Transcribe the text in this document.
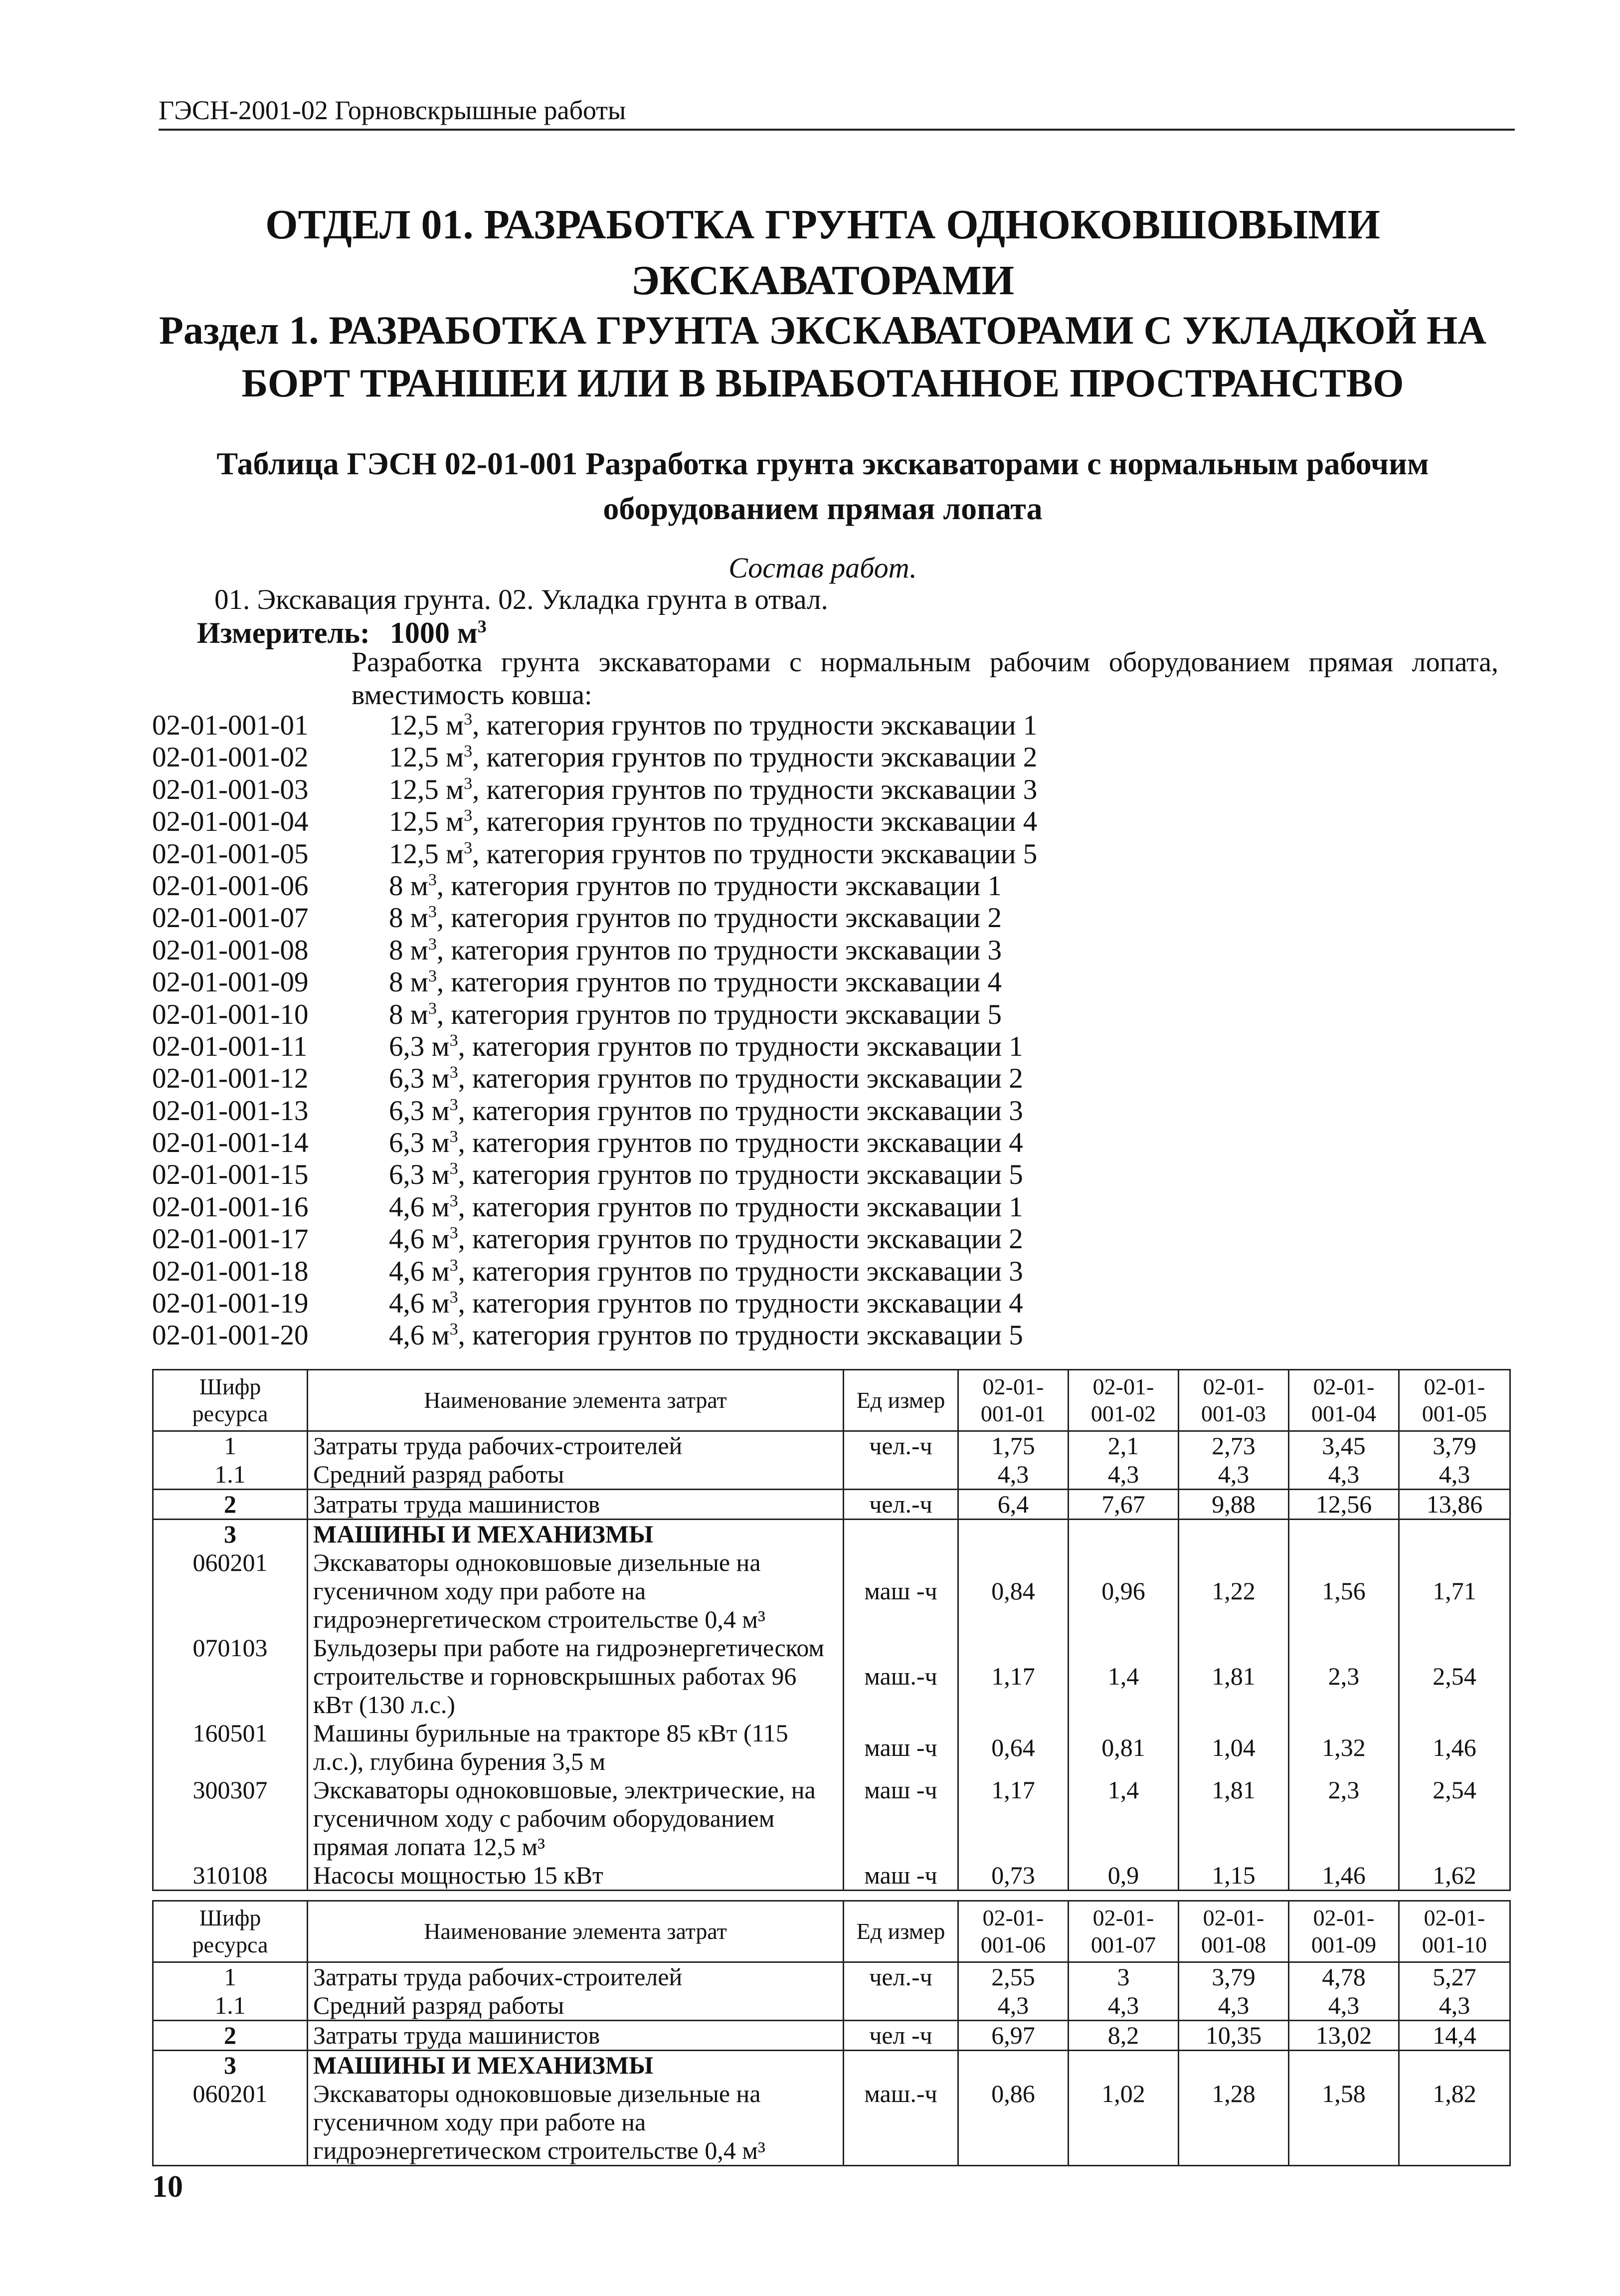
ГЭСН-2001-02 Горновскрышные работы
ОТДЕЛ 01. РАЗРАБОТКА ГРУНТА ОДНОКОВШОВЫМИ
ЭКСКАВАТОРАМИ
Раздел 1. РАЗРАБОТКА ГРУНТА ЭКСКАВАТОРАМИ С УКЛАДКОЙ НА
БОРТ ТРАНШЕИ ИЛИ В ВЫРАБОТАННОЕ ПРОСТРАНСТВО
Таблица ГЭСН 02-01-001 Разработка грунта экскаваторами с нормальным рабочим
оборудованием прямая лопата
Состав работ.
01. Экскавация грунта. 02. Укладка грунта в отвал.
Измеритель: 1000 $м^3$
Разработка грунта экскаваторами с нормальным рабочим оборудованием прямая лопата, вместимость ковша:
02-01-001-01	12,5 $м^3$, категория грунтов по трудности экскавации 1
02-01-001-02	12,5 $м^3$, категория грунтов по трудности экскавации 2
02-01-001-03	12,5 $м^3$, категория грунтов по трудности экскавации 3
02-01-001-04	12,5 $м^3$, категория грунтов по трудности экскавации 4
02-01-001-05	12,5 $м^3$, категория грунтов по трудности экскавации 5
02-01-001-06	8 $м^3$, категория грунтов по трудности экскавации 1
02-01-001-07	8 $м^3$, категория грунтов по трудности экскавации 2
02-01-001-08	8 $м^3$, категория грунтов по трудности экскавации 3
02-01-001-09	8 $м^3$, категория грунтов по трудности экскавации 4
02-01-001-10	8 $м^3$, категория грунтов по трудности экскавации 5
02-01-001-11	6,3 $м^3$, категория грунтов по трудности экскавации 1
02-01-001-12	6,3 $м^3$, категория грунтов по трудности экскавации 2
02-01-001-13	6,3 $м^3$, категория грунтов по трудности экскавации 3
02-01-001-14	6,3 $м^3$, категория грунтов по трудности экскавации 4
02-01-001-15	6,3 $м^3$, категория грунтов по трудности экскавации 5
02-01-001-16	4,6 $м^3$, категория грунтов по трудности экскавации 1
02-01-001-17	4,6 $м^3$, категория грунтов по трудности экскавации 2
02-01-001-18	4,6 $м^3$, категория грунтов по трудности экскавации 3
02-01-001-19	4,6 $м^3$, категория грунтов по трудности экскавации 4
02-01-001-20	4,6 $м^3$, категория грунтов по трудности экскавации 5
Шифр ресурса	Наименование элемента затрат	Ед измер	02-01-001-01	02-01-001-02	02-01-001-03	02-01-001-04	02-01-001-05
1	Затраты труда рабочих-строителей	чел.-ч	1,75	2,1	2,73	3,45	3,79
1.1	Средний разряд работы		4,3	4,3	4,3	4,3	4,3
2	Затраты труда машинистов	чел.-ч	6,4	7,67	9,88	12,56	13,86
3	МАШИНЫ И МЕХАНИЗМЫ						
060201	Экскаваторы одноковшовые дизельные на гусеничном ходу при работе на гидроэнергетическом строительстве 0,4 м³	маш -ч	0,84	0,96	1,22	1,56	1,71
070103	Бульдозеры при работе на гидроэнергетическом строительстве и горновскрышных работах 96 кВт (130 л.с.)	маш.-ч	1,17	1,4	1,81	2,3	2,54
160501	Машины бурильные на тракторе 85 кВт (115 л.с.), глубина бурения 3,5 м	маш -ч	0,64	0,81	1,04	1,32	1,46
300307	Экскаваторы одноковшовые, электрические, на гусеничном ходу с рабочим оборудованием прямая лопата 12,5 м³	маш -ч	1,17	1,4	1,81	2,3	2,54
310108	Насосы мощностью 15 кВт	маш -ч	0,73	0,9	1,15	1,46	1,62
Шифр ресурса	Наименование элемента затрат	Ед измер	02-01-001-06	02-01-001-07	02-01-001-08	02-01-001-09	02-01-001-10
1	Затраты труда рабочих-строителей	чел.-ч	2,55	3	3,79	4,78	5,27
1.1	Средний разряд работы		4,3	4,3	4,3	4,3	4,3
2	Затраты труда машинистов	чел -ч	6,97	8,2	10,35	13,02	14,4
3	МАШИНЫ И МЕХАНИЗМЫ						
060201	Экскаваторы одноковшовые дизельные на гусеничном ходу при работе на гидроэнергетическом строительстве 0,4 м³	маш.-ч	0,86	1,02	1,28	1,58	1,82
10
